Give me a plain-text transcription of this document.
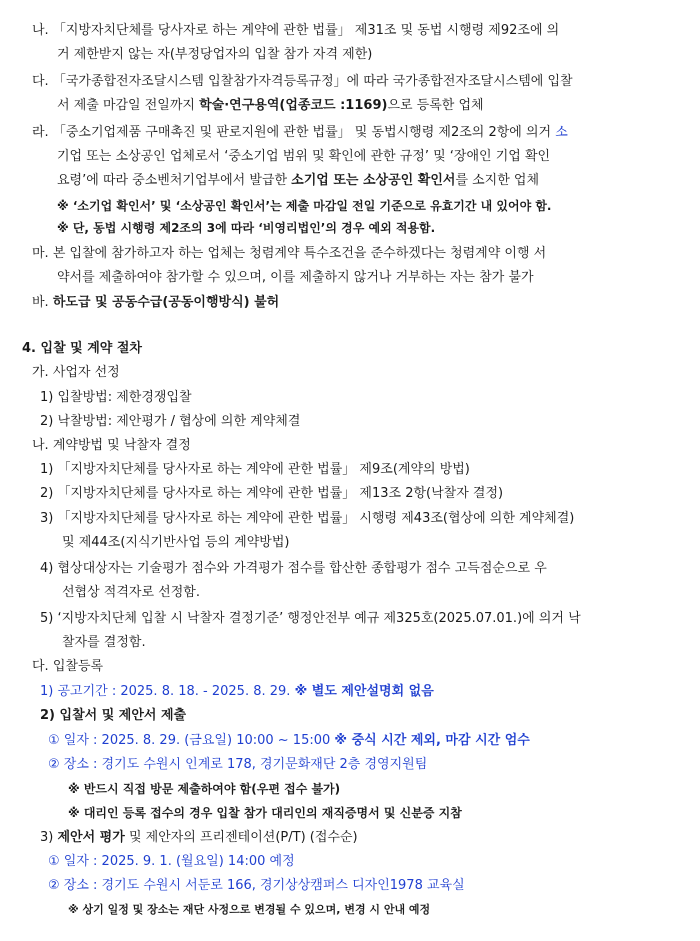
나. 「지방자치단체를 당사자로 하는 계약에 관한 법률」 제31조 및 동법 시행령 제92조에 의
거 제한받지 않는 자(부정당업자의 입찰 참가 자격 제한)
다. 「국가종합전자조달시스템 입찰참가자격등록규정」에 따라 국가종합전자조달시스템에 입찰
서 제출 마감일 전일까지 학술·연구용역(업종코드 :1169)으로 등록한 업체
라. 「중소기업제품 구매촉진 및 판로지원에 관한 법률」 및 동법시행령 제2조의 2항에 의거 소
기업 또는 소상공인 업체로서 ‘중소기업 범위 및 확인에 관한 규정’ 및 ‘장애인 기업 확인
요령’에 따라 중소벤처기업부에서 발급한 소기업 또는 소상공인 확인서를 소지한 업체
※ ‘소기업 확인서’ 및 ‘소상공인 확인서’는 제출 마감일 전일 기준으로 유효기간 내 있어야 함.
※ 단, 동법 시행령 제2조의 3에 따라 ‘비영리법인’의 경우 예외 적용함.
마. 본 입찰에 참가하고자 하는 업체는 청렴계약 특수조건을 준수하겠다는 청렴계약 이행 서
약서를 제출하여야 참가할 수 있으며, 이를 제출하지 않거나 거부하는 자는 참가 불가
바. 하도급 및 공동수급(공동이행방식) 불허
4. 입찰 및 계약 절차
가. 사업자 선정
1) 입찰방법: 제한경쟁입찰
2) 낙찰방법: 제안평가 / 협상에 의한 계약체결
나. 계약방법 및 낙찰자 결정
1) 「지방자치단체를 당사자로 하는 계약에 관한 법률」 제9조(계약의 방법)
2) 「지방자치단체를 당사자로 하는 계약에 관한 법률」 제13조 2항(낙찰자 결정)
3) 「지방자치단체를 당사자로 하는 계약에 관한 법률」 시행령 제43조(협상에 의한 계약체결)
및 제44조(지식기반사업 등의 계약방법)
4) 협상대상자는 기술평가 점수와 가격평가 점수를 합산한 종합평가 점수 고득점순으로 우
선협상 적격자로 선정함.
5) ‘지방자치단체 입찰 시 낙찰자 결정기준’ 행정안전부 예규 제325호(2025.07.01.)에 의거 낙
찰자를 결정함.
다. 입찰등록
1) 공고기간 : 2025. 8. 18. - 2025. 8. 29. ※ 별도 제안설명회 없음
2) 입찰서 및 제안서 제출
① 일자 : 2025. 8. 29. (금요일) 10:00 ~ 15:00 ※ 중식 시간 제외, 마감 시간 엄수
② 장소 : 경기도 수원시 인계로 178, 경기문화재단 2층 경영지원팀
※ 반드시 직접 방문 제출하여야 함(우편 접수 불가)
※ 대리인 등록 접수의 경우 입찰 참가 대리인의 재직증명서 및 신분증 지참
3) 제안서 평가 및 제안자의 프리젠테이션(P/T) (접수순)
① 일자 : 2025. 9. 1. (월요일) 14:00 예정
② 장소 : 경기도 수원시 서둔로 166, 경기상상캠퍼스 디자인1978 교육실
※ 상기 일정 및 장소는 재단 사정으로 변경될 수 있으며, 변경 시 안내 예정
